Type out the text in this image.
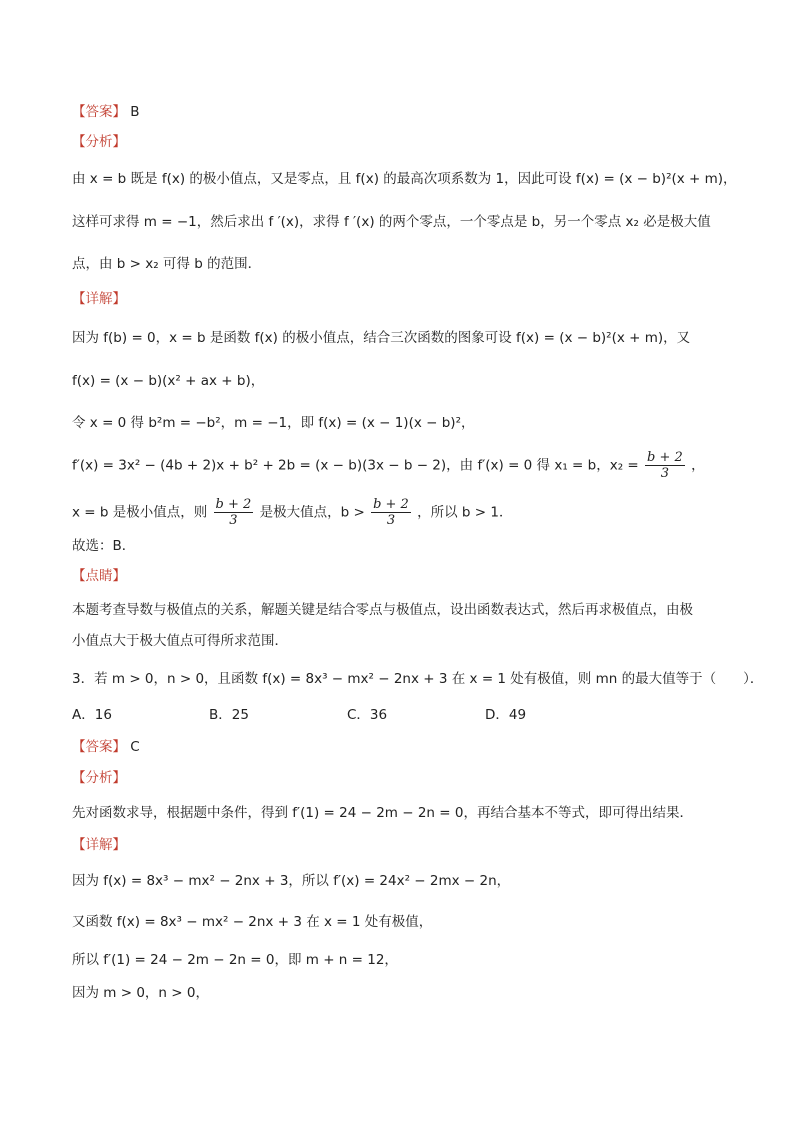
【答案】 B
【分析】
由 x = b 既是 f(x) 的极小值点，又是零点，且 f(x) 的最高次项系数为 1，因此可设 f(x) = (x − b)²(x + m)，
这样可求得 m = −1，然后求出 f ′(x)，求得 f ′(x) 的两个零点，一个零点是 b，另一个零点 x₂ 必是极大值
点，由 b > x₂ 可得 b 的范围．
【详解】
因为 f(b) = 0，x = b 是函数 f(x) 的极小值点，结合三次函数的图象可设 f(x) = (x − b)²(x + m)，又
f(x) = (x − b)(x² + ax + b)，
令 x = 0 得 b²m = −b²，m = −1，即 f(x) = (x − 1)(x − b)²，
f′(x) = 3x² − (4b + 2)x + b² + 2b = (x − b)(3x − b − 2)，由 f′(x) = 0 得 x₁ = b，$x_2 = \frac{b + 2}{3}$ ，
x = b 是极小值点，则 $\frac{b + 2}{3}$ 是极大值点，$b > \frac{b + 2}{3}$ ，所以 b > 1．
故选：B．
【点睛】
本题考查导数与极值点的关系，解题关键是结合零点与极值点，设出函数表达式，然后再求极值点，由极
小值点大于极大值点可得所求范围．
3．若 m > 0，n > 0，且函数 f(x) = 8x³ − mx² − 2nx + 3 在 x = 1 处有极值，则 mn 的最大值等于（　　）．
A．16	B．25	C．36	D．49
【答案】 C
【分析】
先对函数求导，根据题中条件，得到 f′(1) = 24 − 2m − 2n = 0，再结合基本不等式，即可得出结果．
【详解】
因为 f(x) = 8x³ − mx² − 2nx + 3，所以 f′(x) = 24x² − 2mx − 2n，
又函数 f(x) = 8x³ − mx² − 2nx + 3 在 x = 1 处有极值，
所以 f′(1) = 24 − 2m − 2n = 0，即 m + n = 12，
因为 m > 0，n > 0，
